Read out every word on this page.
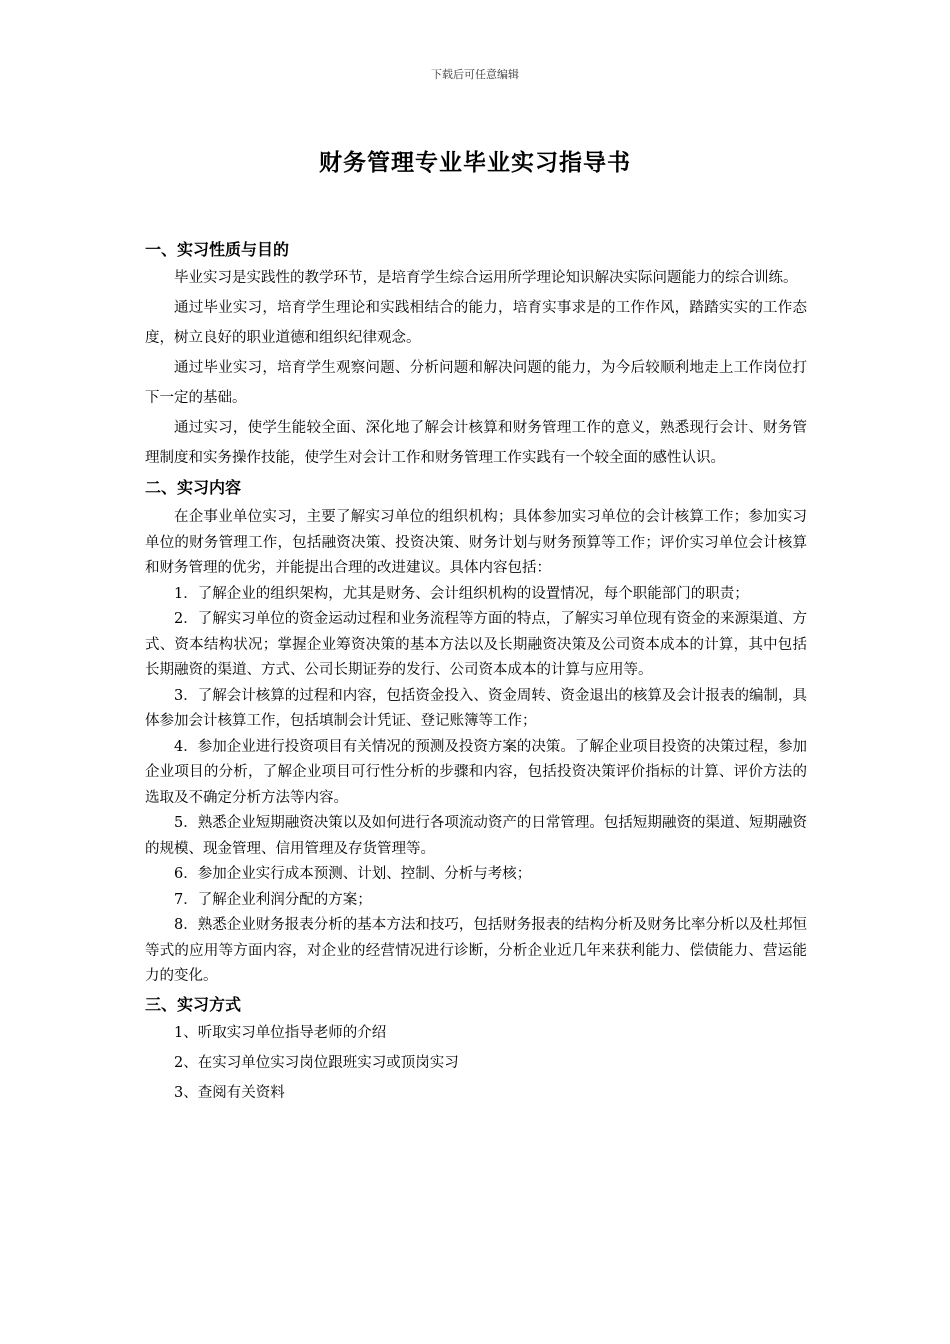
下载后可任意编辑
财务管理专业毕业实习指导书

一、实习性质与目的

毕业实习是实践性的教学环节，是培育学生综合运用所学理论知识解决实际问题能力的综合训练。

通过毕业实习，培育学生理论和实践相结合的能力，培育实事求是的工作作风，踏踏实实的工作态度，树立良好的职业道德和组织纪律观念。

通过毕业实习，培育学生观察问题、分析问题和解决问题的能力，为今后较顺利地走上工作岗位打下一定的基础。

通过实习，使学生能较全面、深化地了解会计核算和财务管理工作的意义，熟悉现行会计、财务管理制度和实务操作技能，使学生对会计工作和财务管理工作实践有一个较全面的感性认识。

二、实习内容

在企事业单位实习，主要了解实习单位的组织机构；具体参加实习单位的会计核算工作；参加实习单位的财务管理工作，包括融资决策、投资决策、财务计划与财务预算等工作；评价实习单位会计核算和财务管理的优劣，并能提出合理的改进建议。具体内容包括：

1．了解企业的组织架构，尤其是财务、会计组织机构的设置情况，每个职能部门的职责；

2．了解实习单位的资金运动过程和业务流程等方面的特点，了解实习单位现有资金的来源渠道、方式、资本结构状况；掌握企业筹资决策的基本方法以及长期融资决策及公司资本成本的计算，其中包括长期融资的渠道、方式、公司长期证券的发行、公司资本成本的计算与应用等。

3．了解会计核算的过程和内容，包括资金投入、资金周转、资金退出的核算及会计报表的编制，具体参加会计核算工作，包括填制会计凭证、登记账簿等工作；

4．参加企业进行投资项目有关情况的预测及投资方案的决策。了解企业项目投资的决策过程，参加企业项目的分析，了解企业项目可行性分析的步骤和内容，包括投资决策评价指标的计算、评价方法的选取及不确定分析方法等内容。

5．熟悉企业短期融资决策以及如何进行各项流动资产的日常管理。包括短期融资的渠道、短期融资的规模、现金管理、信用管理及存货管理等。

6．参加企业实行成本预测、计划、控制、分析与考核；

7．了解企业利润分配的方案；

8．熟悉企业财务报表分析的基本方法和技巧，包括财务报表的结构分析及财务比率分析以及杜邦恒等式的应用等方面内容，对企业的经营情况进行诊断，分析企业近几年来获利能力、偿债能力、营运能力的变化。

三、实习方式

1、听取实习单位指导老师的介绍

2、在实习单位实习岗位跟班实习或顶岗实习

3、查阅有关资料
